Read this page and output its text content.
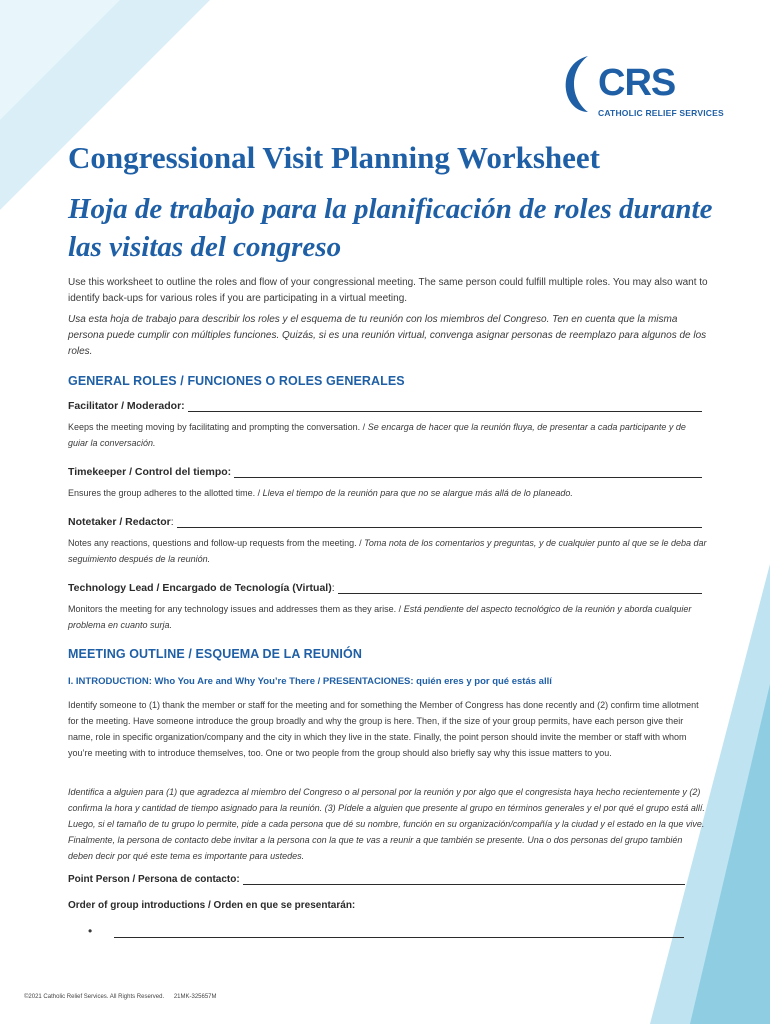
CRS
CATHOLIC RELIEF SERVICES
Congressional Visit Planning Worksheet
Hoja de trabajo para la planificación de roles durante las visitas del congreso

Use this worksheet to outline the roles and flow of your congressional meeting. The same person could fulfill multiple roles. You may also want to identify back-ups for various roles if you are participating in a virtual meeting.

Usa esta hoja de trabajo para describir los roles y el esquema de tu reunión con los miembros del Congreso. Ten en cuenta que la misma persona puede cumplir con múltiples funciones. Quizás, si es una reunión virtual, convenga asignar personas de reemplazo para algunos de los roles.

GENERAL ROLES / FUNCIONES O ROLES GENERALES
Facilitator / Moderador:

Keeps the meeting moving by facilitating and prompting the conversation. / Se encarga de hacer que la reunión fluya, de presentar a cada participante y de guiar la conversación.

Timekeeper / Control del tiempo:

Ensures the group adheres to the allotted time. / Lleva el tiempo de la reunión para que no se alargue más allá de lo planeado.

Notetaker / Redactor :

Notes any reactions, questions and follow-up requests from the meeting. / Toma nota de los comentarios y preguntas, y de cualquier punto al que se le deba dar seguimiento después de la reunión.

Technology Lead / Encargado de Tecnología (Virtual) :

Monitors the meeting for any technology issues and addresses them as they arise. / Está pendiente del aspecto tecnológico de la reunión y aborda cualquier problema en cuanto surja.

MEETING OUTLINE / ESQUEMA DE LA REUNIÓN
I. INTRODUCTION: Who You Are and Why You’re There / PRESENTACIONES: quién eres y por qué estás allí

Identify someone to (1) thank the member or staff for the meeting and for something the Member of Congress has done recently and (2) confirm time allotment for the meeting. Have someone introduce the group broadly and why the group is here. Then, if the size of your group permits, have each person give their name, role in specific organization/company and the city in which they live in the state. Finally, the point person should invite the member or staff with whom you’re meeting with to introduce themselves, too. One or two people from the group should also briefly say why this issue matters to you.

Identifica a alguien para (1) que agradezca al miembro del Congreso o al personal por la reunión y por algo que el congresista haya hecho recientemente y (2) confirma la hora y cantidad de tiempo asignado para la reunión. (3) Pídele a alguien que presente al grupo en términos generales y el por qué el grupo está allí. Luego, si el tamaño de tu grupo lo permite, pide a cada persona que dé su nombre, función en su organización/compañía y la ciudad y el estado en la que vive. Finalmente, la persona de contacto debe invitar a la persona con la que te vas a reunir a que también se presente. Una o dos personas del grupo también deben decir por qué este tema es importante para ustedes.

Point Person / Persona de contacto:
Order of group introductions / Orden en que se presentarán:
•
©2021 Catholic Relief Services. All Rights Reserved. 21MK-325657M
